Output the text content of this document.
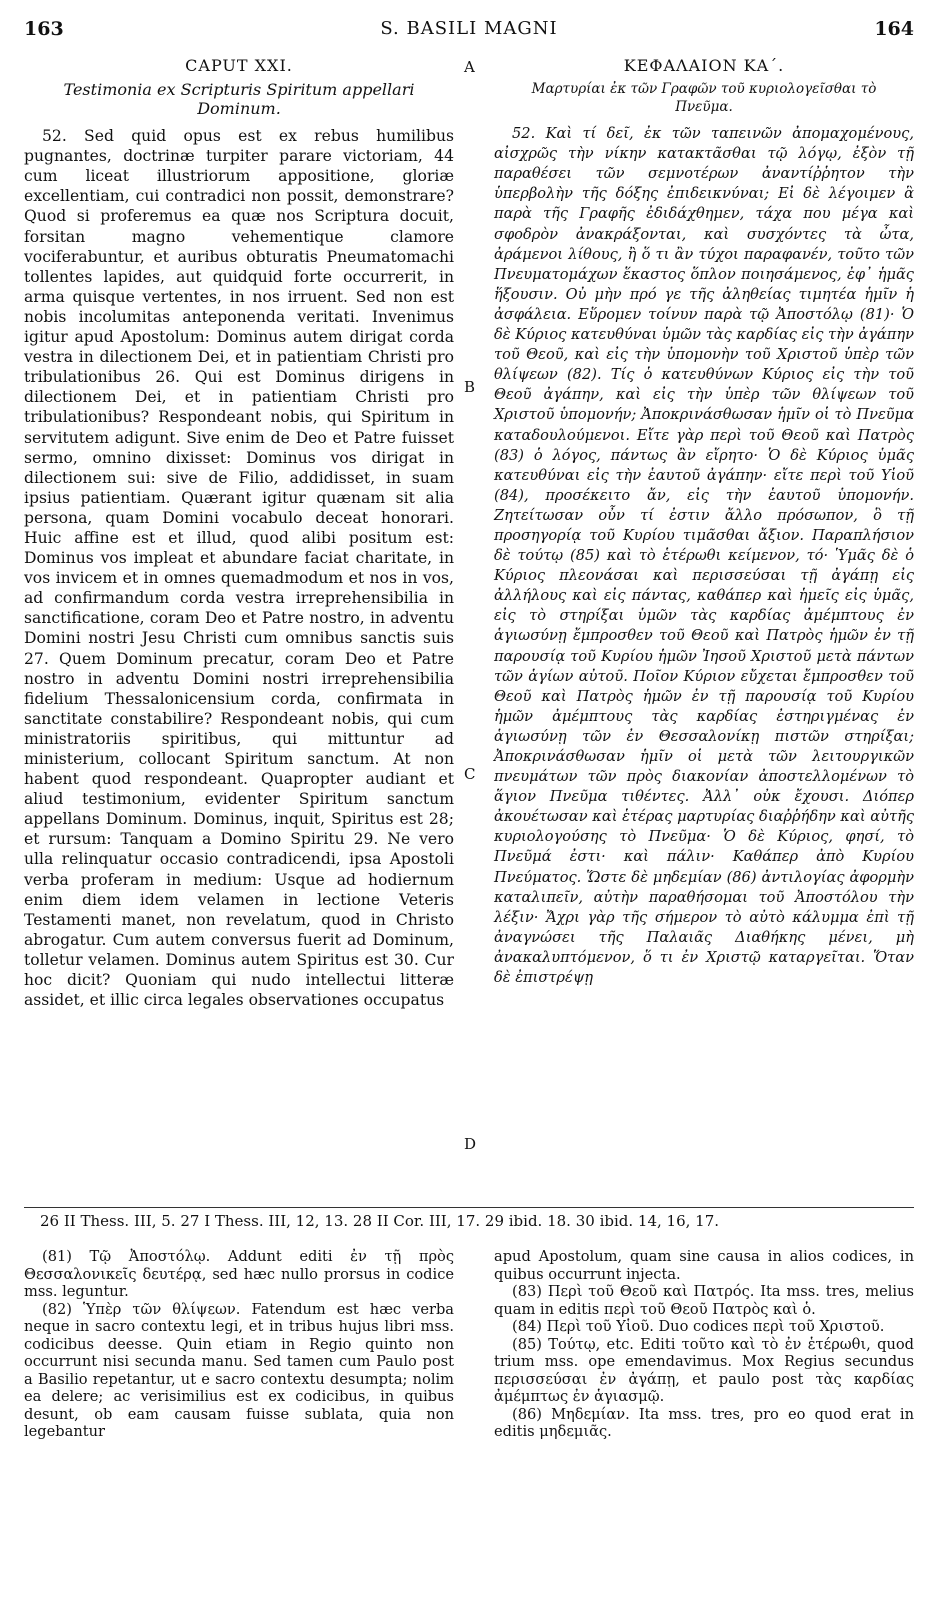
163	S. BASILI MAGNI	164

CAPUT XXI.

Testimonia ex Scripturis Spiritum appellari Dominum.

52. Sed quid opus est ex rebus humilibus pugnantes, doctrinæ turpiter parare victoriam, 44 cum liceat illustriorum appositione, gloriæ excellentiam, cui contradici non possit, demonstrare? Quod si proferemus ea quæ nos Scriptura docuit, forsitan magno vehementique clamore vociferabuntur, et auribus obturatis Pneumatomachi tollentes lapides, aut quidquid forte occurrerit, in arma quisque vertentes, in nos irruent. Sed non est nobis incolumitas anteponenda veritati. Invenimus igitur apud Apostolum: Dominus autem dirigat corda vestra in dilectionem Dei, et in patientiam Christi pro tribulationibus 26. Qui est Dominus dirigens in dilectionem Dei, et in patientiam Christi pro tribulationibus? Respondeant nobis, qui Spiritum in servitutem adigunt. Sive enim de Deo et Patre fuisset sermo, omnino dixisset: Dominus vos dirigat in dilectionem sui: sive de Filio, addidisset, in suam ipsius patientiam. Quærant igitur quænam sit alia persona, quam Domini vocabulo deceat honorari. Huic affine est et illud, quod alibi positum est: Dominus vos impleat et abundare faciat charitate, in vos invicem et in omnes quemadmodum et nos in vos, ad confirmandum corda vestra irreprehensibilia in sanctificatione, coram Deo et Patre nostro, in adventu Domini nostri Jesu Christi cum omnibus sanctis suis 27. Quem Dominum precatur, coram Deo et Patre nostro in adventu Domini nostri irreprehensibilia fidelium Thessalonicensium corda, confirmata in sanctitate constabilire? Respondeant nobis, qui cum ministratoriis spiritibus, qui mittuntur ad ministerium, collocant Spiritum sanctum. At non habent quod respondeant. Quapropter audiant et aliud testimonium, evidenter Spiritum sanctum appellans Dominum. Dominus, inquit, Spiritus est 28; et rursum: Tanquam a Domino Spiritu 29. Ne vero ulla relinquatur occasio contradicendi, ipsa Apostoli verba proferam in medium: Usque ad hodiernum enim diem idem velamen in lectione Veteris Testamenti manet, non revelatum, quod in Christo abrogatur. Cum autem conversus fuerit ad Dominum, tolletur velamen. Dominus autem Spiritus est 30. Cur hoc dicit? Quoniam qui nudo intellectui litteræ assidet, et illic circa legales observationes occupatus

A
B
C
D

ΚΕΦΑΛΑΙΟΝ ΚΑ΄.

Μαρτυρίαι ἐκ τῶν Γραφῶν τοῦ κυριολογεῖσθαι τὸ Πνεῦμα.

52. Καὶ τί δεῖ, ἐκ τῶν ταπεινῶν ἀπομαχομένους, αἰσχρῶς τὴν νίκην κατακτᾶσθαι τῷ λόγῳ, ἐξὸν τῇ παραθέσει τῶν σεμνοτέρων ἀναντίῤῥητον τὴν ὑπερβολὴν τῆς δόξης ἐπιδεικνύναι; Εἰ δὲ λέγοιμεν ἃ παρὰ τῆς Γραφῆς ἐδιδάχθημεν, τάχα που μέγα καὶ σφοδρὸν ἀνακράξονται, καὶ συσχόντες τὰ ὦτα, ἀράμενοι λίθους, ἢ ὅ τι ἂν τύχοι παραφανέν, τοῦτο τῶν Πνευματομάχων ἕκαστος ὅπλον ποιησάμενος, ἐφ᾽ ἡμᾶς ἥξουσιν. Οὐ μὴν πρό γε τῆς ἀληθείας τιμητέα ἡμῖν ἡ ἀσφάλεια. Εὕρομεν τοίνυν παρὰ τῷ Ἀποστόλῳ (81)· Ὁ δὲ Κύριος κατευθύναι ὑμῶν τὰς καρδίας εἰς τὴν ἀγάπην τοῦ Θεοῦ, καὶ εἰς τὴν ὑπομονὴν τοῦ Χριστοῦ ὑπὲρ τῶν θλίψεων (82). Τίς ὁ κατευθύνων Κύριος εἰς τὴν τοῦ Θεοῦ ἀγάπην, καὶ εἰς τὴν ὑπὲρ τῶν θλίψεων τοῦ Χριστοῦ ὑπομονήν; Ἀποκρινάσθωσαν ἡμῖν οἱ τὸ Πνεῦμα καταδουλούμενοι. Εἴτε γὰρ περὶ τοῦ Θεοῦ καὶ Πατρὸς (83) ὁ λόγος, πάντως ἂν εἴρητο· Ὁ δὲ Κύριος ὑμᾶς κατευθύναι εἰς τὴν ἑαυτοῦ ἀγάπην· εἴτε περὶ τοῦ Υἱοῦ (84), προσέκειτο ἄν, εἰς τὴν ἑαυτοῦ ὑπομονήν. Ζητείτωσαν οὖν τί ἐστιν ἄλλο πρόσωπον, ὃ τῇ προσηγορίᾳ τοῦ Κυρίου τιμᾶσθαι ἄξιον. Παραπλήσιον δὲ τούτῳ (85) καὶ τὸ ἑτέρωθι κείμενον, τό· Ὑμᾶς δὲ ὁ Κύριος πλεονάσαι καὶ περισσεύσαι τῇ ἀγάπῃ εἰς ἀλλήλους καὶ εἰς πάντας, καθάπερ καὶ ἡμεῖς εἰς ὑμᾶς, εἰς τὸ στηρίξαι ὑμῶν τὰς καρδίας ἀμέμπτους ἐν ἁγιωσύνῃ ἔμπροσθεν τοῦ Θεοῦ καὶ Πατρὸς ἡμῶν ἐν τῇ παρουσίᾳ τοῦ Κυρίου ἡμῶν Ἰησοῦ Χριστοῦ μετὰ πάντων τῶν ἁγίων αὐτοῦ. Ποῖον Κύριον εὔχεται ἔμπροσθεν τοῦ Θεοῦ καὶ Πατρὸς ἡμῶν ἐν τῇ παρουσίᾳ τοῦ Κυρίου ἡμῶν ἀμέμπτους τὰς καρδίας ἐστηριγμένας ἐν ἁγιωσύνῃ τῶν ἐν Θεσσαλονίκῃ πιστῶν στηρίξαι; Ἀποκρινάσθωσαν ἡμῖν οἱ μετὰ τῶν λειτουργικῶν πνευμάτων τῶν πρὸς διακονίαν ἀποστελλομένων τὸ ἅγιον Πνεῦμα τιθέντες. Ἀλλ᾽ οὐκ ἔχουσι. Διόπερ ἀκουέτωσαν καὶ ἑτέρας μαρτυρίας διαῤῥήδην καὶ αὐτῆς κυριολογούσης τὸ Πνεῦμα· Ὁ δὲ Κύριος, φησί, τὸ Πνεῦμά ἐστι· καὶ πάλιν· Καθάπερ ἀπὸ Κυρίου Πνεύματος. Ὥστε δὲ μηδεμίαν (86) ἀντιλογίας ἀφορμὴν καταλιπεῖν, αὐτὴν παραθήσομαι τοῦ Ἀποστόλου τὴν λέξιν· Ἄχρι γὰρ τῆς σήμερον τὸ αὐτὸ κάλυμμα ἐπὶ τῇ ἀναγνώσει τῆς Παλαιᾶς Διαθήκης μένει, μὴ ἀνακαλυπτόμενον, ὅ τι ἐν Χριστῷ καταργεῖται. Ὅταν δὲ ἐπιστρέψῃ

26 II Thess. III, 5. 27 I Thess. III, 12, 13. 28 II Cor. III, 17. 29 ibid. 18. 30 ibid. 14, 16, 17.

(81) Τῷ Ἀποστόλῳ. Addunt editi ἐν τῇ πρὸς Θεσσαλονικεῖς δευτέρᾳ, sed hæc nullo prorsus in codice mss. leguntur.

(82) Ὑπὲρ τῶν θλίψεων. Fatendum est hæc verba neque in sacro contextu legi, et in tribus hujus libri mss. codicibus deesse. Quin etiam in Regio quinto non occurrunt nisi secunda manu. Sed tamen cum Paulo post a Basilio repetantur, ut e sacro contextu desumpta; nolim ea delere; ac verisimilius est ex codicibus, in quibus desunt, ob eam causam fuisse sublata, quia non legebantur

apud Apostolum, quam sine causa in alios codices, in quibus occurrunt injecta.

(83) Περὶ τοῦ Θεοῦ καὶ Πατρός. Ita mss. tres, melius quam in editis περὶ τοῦ Θεοῦ Πατρὸς καὶ ὁ.

(84) Περὶ τοῦ Υἱοῦ. Duo codices περὶ τοῦ Χριστοῦ.

(85) Τούτῳ, etc. Editi τοῦτο καὶ τὸ ἐν ἑτέρωθι, quod trium mss. ope emendavimus. Mox Regius secundus περισσεύσαι ἐν ἀγάπῃ, et paulo post τὰς καρδίας ἀμέμπτως ἐν ἁγιασμῷ.

(86) Μηδεμίαν. Ita mss. tres, pro eo quod erat in editis μηδεμιᾶς.
